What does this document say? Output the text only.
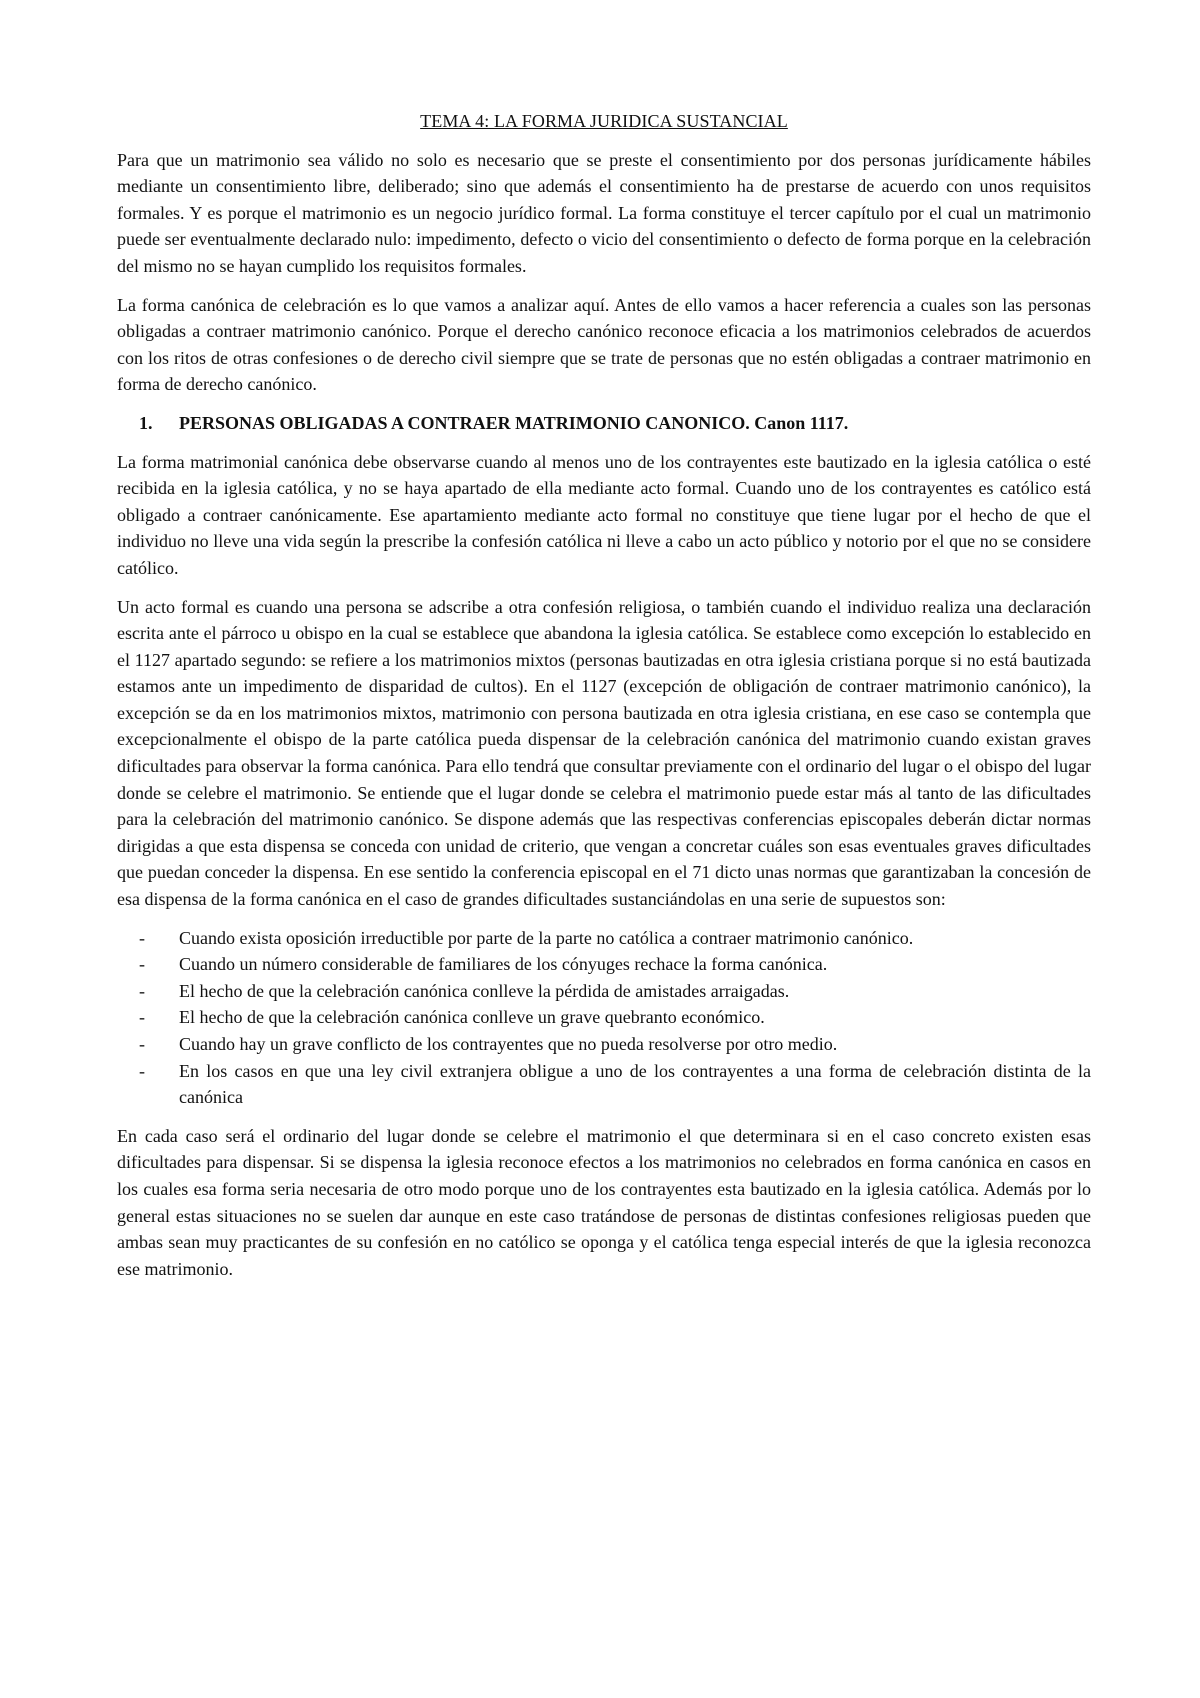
TEMA 4: LA FORMA JURIDICA SUSTANCIAL

Para que un matrimonio sea válido no solo es necesario que se preste el consentimiento por dos personas jurídicamente hábiles mediante un consentimiento libre, deliberado; sino que además el consentimiento ha de prestarse de acuerdo con unos requisitos formales. Y es porque el matrimonio es un negocio jurídico formal. La forma constituye el tercer capítulo por el cual un matrimonio puede ser eventualmente declarado nulo: impedimento, defecto o vicio del consentimiento o defecto de forma porque en la celebración del mismo no se hayan cumplido los requisitos formales.

La forma canónica de celebración es lo que vamos a analizar aquí. Antes de ello vamos a hacer referencia a cuales son las personas obligadas a contraer matrimonio canónico. Porque el derecho canónico reconoce eficacia a los matrimonios celebrados de acuerdos con los ritos de otras confesiones o de derecho civil siempre que se trate de personas que no estén obligadas a contraer matrimonio en forma de derecho canónico.

1.	PERSONAS OBLIGADAS A CONTRAER MATRIMONIO CANONICO. Canon 1117.

La forma matrimonial canónica debe observarse cuando al menos uno de los contrayentes este bautizado en la iglesia católica o esté recibida en la iglesia católica, y no se haya apartado de ella mediante acto formal. Cuando uno de los contrayentes es católico está obligado a contraer canónicamente. Ese apartamiento mediante acto formal no constituye que tiene lugar por el hecho de que el individuo no lleve una vida según la prescribe la confesión católica ni lleve a cabo un acto público y notorio por el que no se considere católico.

Un acto formal es cuando una persona se adscribe a otra confesión religiosa, o también cuando el individuo realiza una declaración escrita ante el párroco u obispo en la cual se establece que abandona la iglesia católica. Se establece como excepción lo establecido en el 1127 apartado segundo: se refiere a los matrimonios mixtos (personas bautizadas en otra iglesia cristiana porque si no está bautizada estamos ante un impedimento de disparidad de cultos). En el 1127 (excepción de obligación de contraer matrimonio canónico), la excepción se da en los matrimonios mixtos, matrimonio con persona bautizada en otra iglesia cristiana, en ese caso se contempla que excepcionalmente el obispo de la parte católica pueda dispensar de la celebración canónica del matrimonio cuando existan graves dificultades para observar la forma canónica. Para ello tendrá que consultar previamente con el ordinario del lugar o el obispo del lugar donde se celebre el matrimonio. Se entiende que el lugar donde se celebra el matrimonio puede estar más al tanto de las dificultades para la celebración del matrimonio canónico. Se dispone además que las respectivas conferencias episcopales deberán dictar normas dirigidas a que esta dispensa se conceda con unidad de criterio, que vengan a concretar cuáles son esas eventuales graves dificultades que puedan conceder la dispensa. En ese sentido la conferencia episcopal en el 71 dicto unas normas que garantizaban la concesión de esa dispensa de la forma canónica en el caso de grandes dificultades sustanciándolas en una serie de supuestos son:

-	Cuando exista oposición irreductible por parte de la parte no católica a contraer matrimonio canónico.
-	Cuando un número considerable de familiares de los cónyuges rechace la forma canónica.
-	El hecho de que la celebración canónica conlleve la pérdida de amistades arraigadas.
-	El hecho de que la celebración canónica conlleve un grave quebranto económico.
-	Cuando hay un grave conflicto de los contrayentes que no pueda resolverse por otro medio.
-	En los casos en que una ley civil extranjera obligue a uno de los contrayentes a una forma de celebración distinta de la canónica

En cada caso será el ordinario del lugar donde se celebre el matrimonio el que determinara si en el caso concreto existen esas dificultades para dispensar. Si se dispensa la iglesia reconoce efectos a los matrimonios no celebrados en forma canónica en casos en los cuales esa forma seria necesaria de otro modo porque uno de los contrayentes esta bautizado en la iglesia católica. Además por lo general estas situaciones no se suelen dar aunque en este caso tratándose de personas de distintas confesiones religiosas pueden que ambas sean muy practicantes de su confesión en no católico se oponga y el católica tenga especial interés de que la iglesia reconozca ese matrimonio.
